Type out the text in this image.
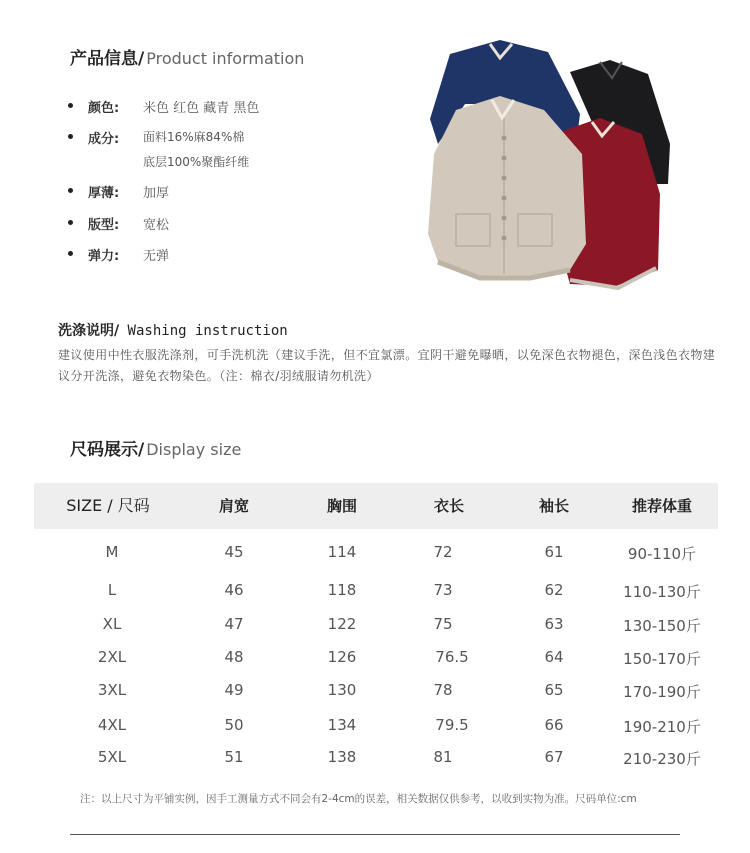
产品信息/ Product information
颜色: 米色 红色 藏青 黑色
成分: 面料16%麻84%棉
底层100%聚酯纤维
厚薄: 加厚
版型: 宽松
弹力: 无弹
洗涤说明/ Washing instruction
建议使用中性衣服洗涤剂，可手洗机洗（建议手洗，但不宜氯漂。宜阴干避免曝晒，以免深色衣物褪色，深色浅色衣物建议分开洗涤，避免衣物染色。（注：棉衣/羽绒服请勿机洗）
尺码展示/ Display size
SIZE / 尺码	肩宽	胸围	衣长	袖长	推荐体重
M	45	114	72	61	90-110斤
L	46	118	73	62	110-130斤
XL	47	122	75	63	130-150斤
2XL	48	126	76.5	64	150-170斤
3XL	49	130	78	65	170-190斤
4XL	50	134	79.5	66	190-210斤
5XL	51	138	81	67	210-230斤
注：以上尺寸为平铺实例，因手工测量方式不同会有2-4cm的误差，相关数据仅供参考，以收到实物为准。尺码单位:cm
